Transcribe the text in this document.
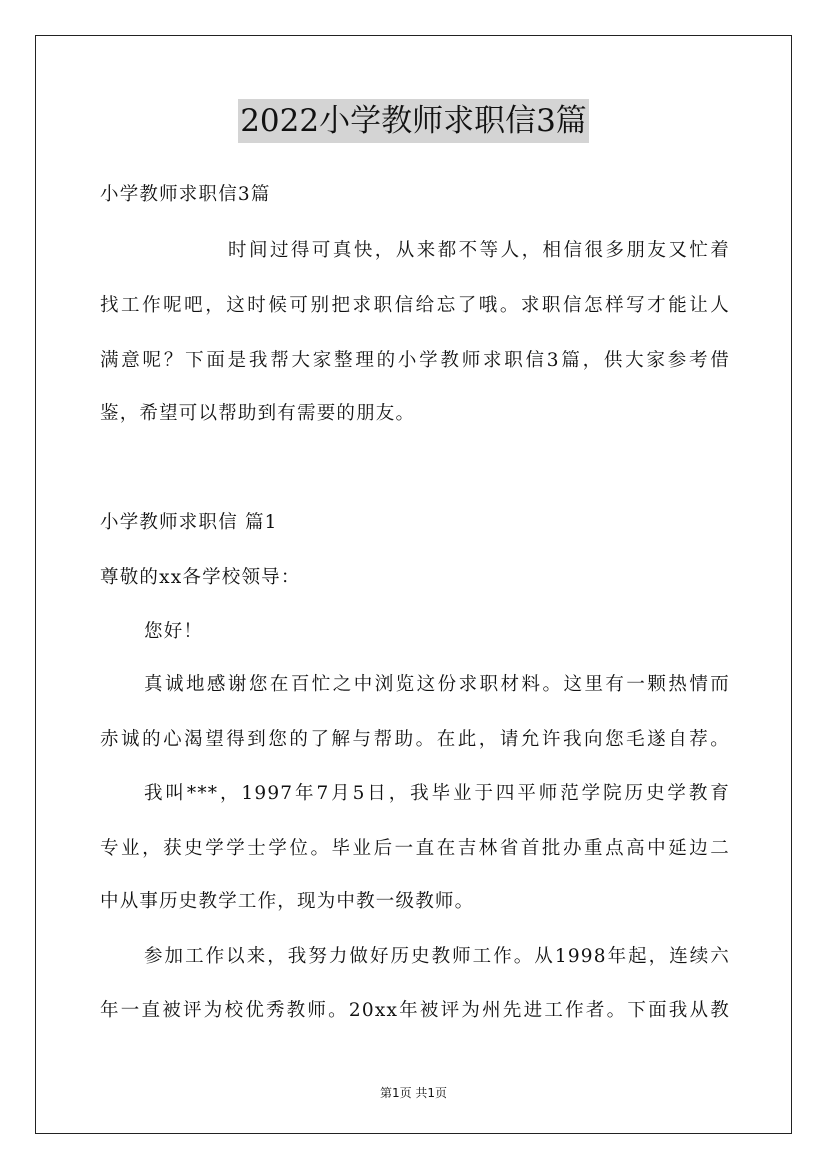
2022小学教师求职信3篇
小学教师求职信3篇
时间过得可真快，从来都不等人，相信很多朋友又忙着
找工作呢吧，这时候可别把求职信给忘了哦。求职信怎样写才能让人
满意呢？下面是我帮大家整理的小学教师求职信3篇，供大家参考借
鉴，希望可以帮助到有需要的朋友。
小学教师求职信 篇1
尊敬的xx各学校领导：
您好！
真诚地感谢您在百忙之中浏览这份求职材料。这里有一颗热情而
赤诚的心渴望得到您的了解与帮助。在此，请允许我向您毛遂自荐。
我叫***，1997年7月5日，我毕业于四平师范学院历史学教育
专业，获史学学士学位。毕业后一直在吉林省首批办重点高中延边二
中从事历史教学工作，现为中教一级教师。
参加工作以来，我努力做好历史教师工作。从1998年起，连续六
年一直被评为校优秀教师。20xx年被评为州先进工作者。下面我从教
第1页 共1页
